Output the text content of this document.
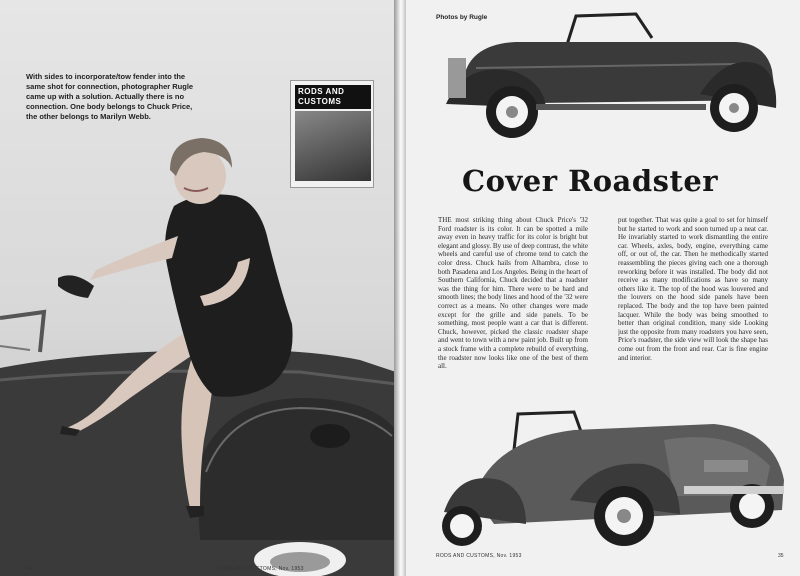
With sides to incorporate/tow fender into the same shot for connection, photographer Rugle came up with a solution. Actually there is no connection. One body belongs to Chuck Price, the other belongs to Marilyn Webb.
RODS AND CUSTOMS
34	RODS AND CUSTOMS, Nov. 1953
Photos by Rugle
Cover Roadster
THE most striking thing about Chuck Price's '32 Ford roadster is its color. It can be spotted a mile away even in heavy traffic for its color is bright but elegant and glossy. By use of deep contrast, the white wheels and careful use of chrome tend to catch the color dress. Chuck hails from Alhambra, close to both Pasadena and Los Angeles. Being in the heart of Southern California, Chuck decided that a roadster was the thing for him. There were to be hard and smooth lines; the body lines and hood of the '32 were correct as a means. No other changes were made except for the grille and side panels. To be something, most people want a car that is different. Chuck, however, picked the classic roadster shape and went to town with a new paint job. Built up from a stock frame with a complete rebuild of everything, the roadster now looks like one of the best of them all.
put together. That was quite a goal to set for himself but he started to work and soon turned up a neat car. He invariably started to work dismantling the entire car. Wheels, axles, body, engine, everything came off, or out of, the car. Then he methodically started reassembling the pieces giving each one a thorough reworking before it was installed. The body did not receive as many modifications as have so many others like it. The top of the hood was louvered and the louvers on the hood side panels have been replaced. The body and the top have been painted lacquer. While the body was being smoothed to better than original condition, many side Looking just the opposite from many roadsters you have seen, Price's roadster, the side view will look the shape has come out from the front and rear. Car is fine engine and interior.
RODS AND CUSTOMS, Nov. 1953	35
